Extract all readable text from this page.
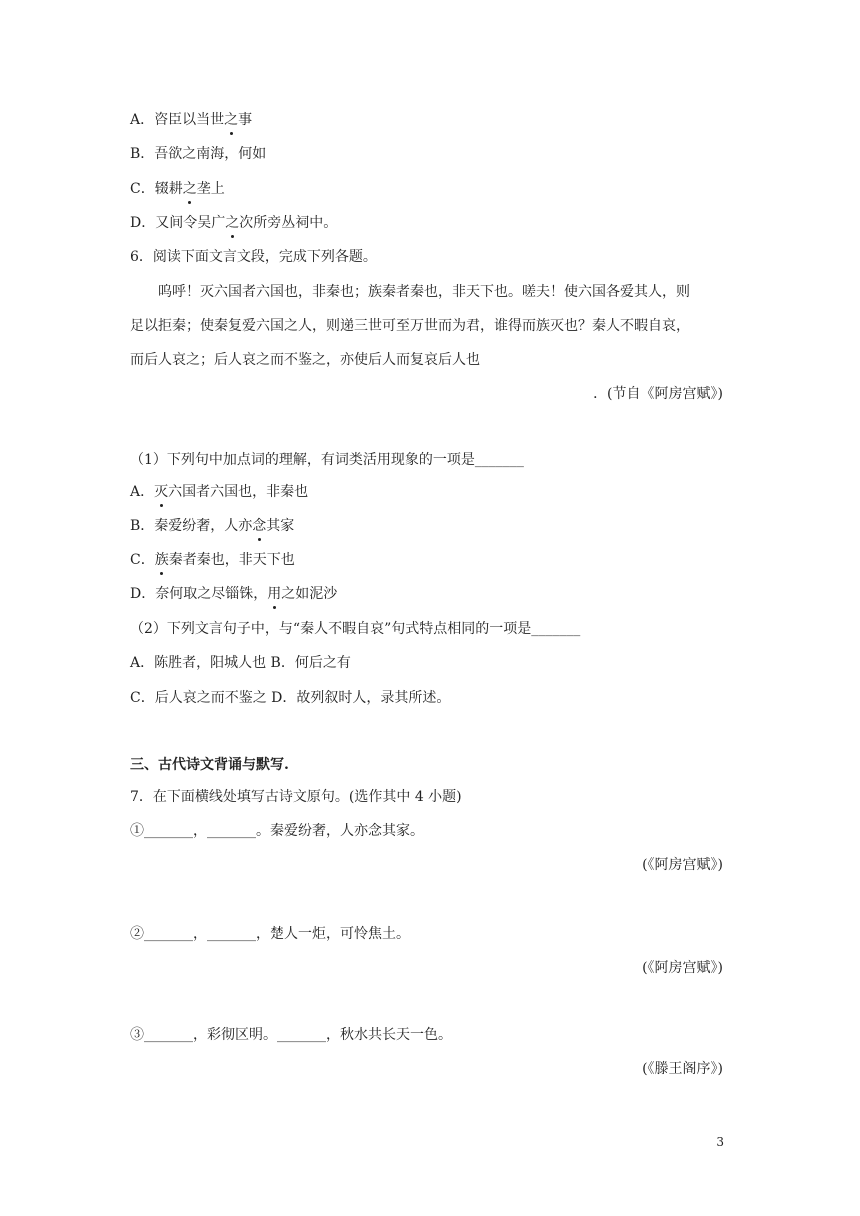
A．咨臣以当世之事
B．吾欲之南海，何如
C．辍耕之垄上
D．又间令吴广之次所旁丛祠中。
6．阅读下面文言文段，完成下列各题。
呜呼！灭六国者六国也，非秦也；族秦者秦也，非天下也。嗟夫！使六国各爱其人，则
足以拒秦；使秦复爱六国之人，则递三世可至万世而为君，谁得而族灭也？秦人不暇自哀，
而后人哀之；后人哀之而不鉴之，亦使后人而复哀后人也
．(节自《阿房宫赋》)
（1）下列句中加点词的理解，有词类活用现象的一项是_______
A．灭六国者六国也，非秦也
B．秦爱纷奢，人亦念其家
C．族秦者秦也，非天下也
D．奈何取之尽锱铢，用之如泥沙
（2）下列文言句子中，与“秦人不暇自哀”句式特点相同的一项是_______
A．陈胜者，阳城人也 B．何后之有
C．后人哀之而不鉴之 D．故列叙时人，录其所述。
三、古代诗文背诵与默写.
7．在下面横线处填写古诗文原句。(选作其中 4 小题)
①_______，_______。秦爱纷奢，人亦念其家。
(《阿房宫赋》)
②_______，_______，楚人一炬，可怜焦土。
(《阿房宫赋》)
③_______，彩彻区明。_______，秋水共长天一色。
(《滕王阁序》)
3
